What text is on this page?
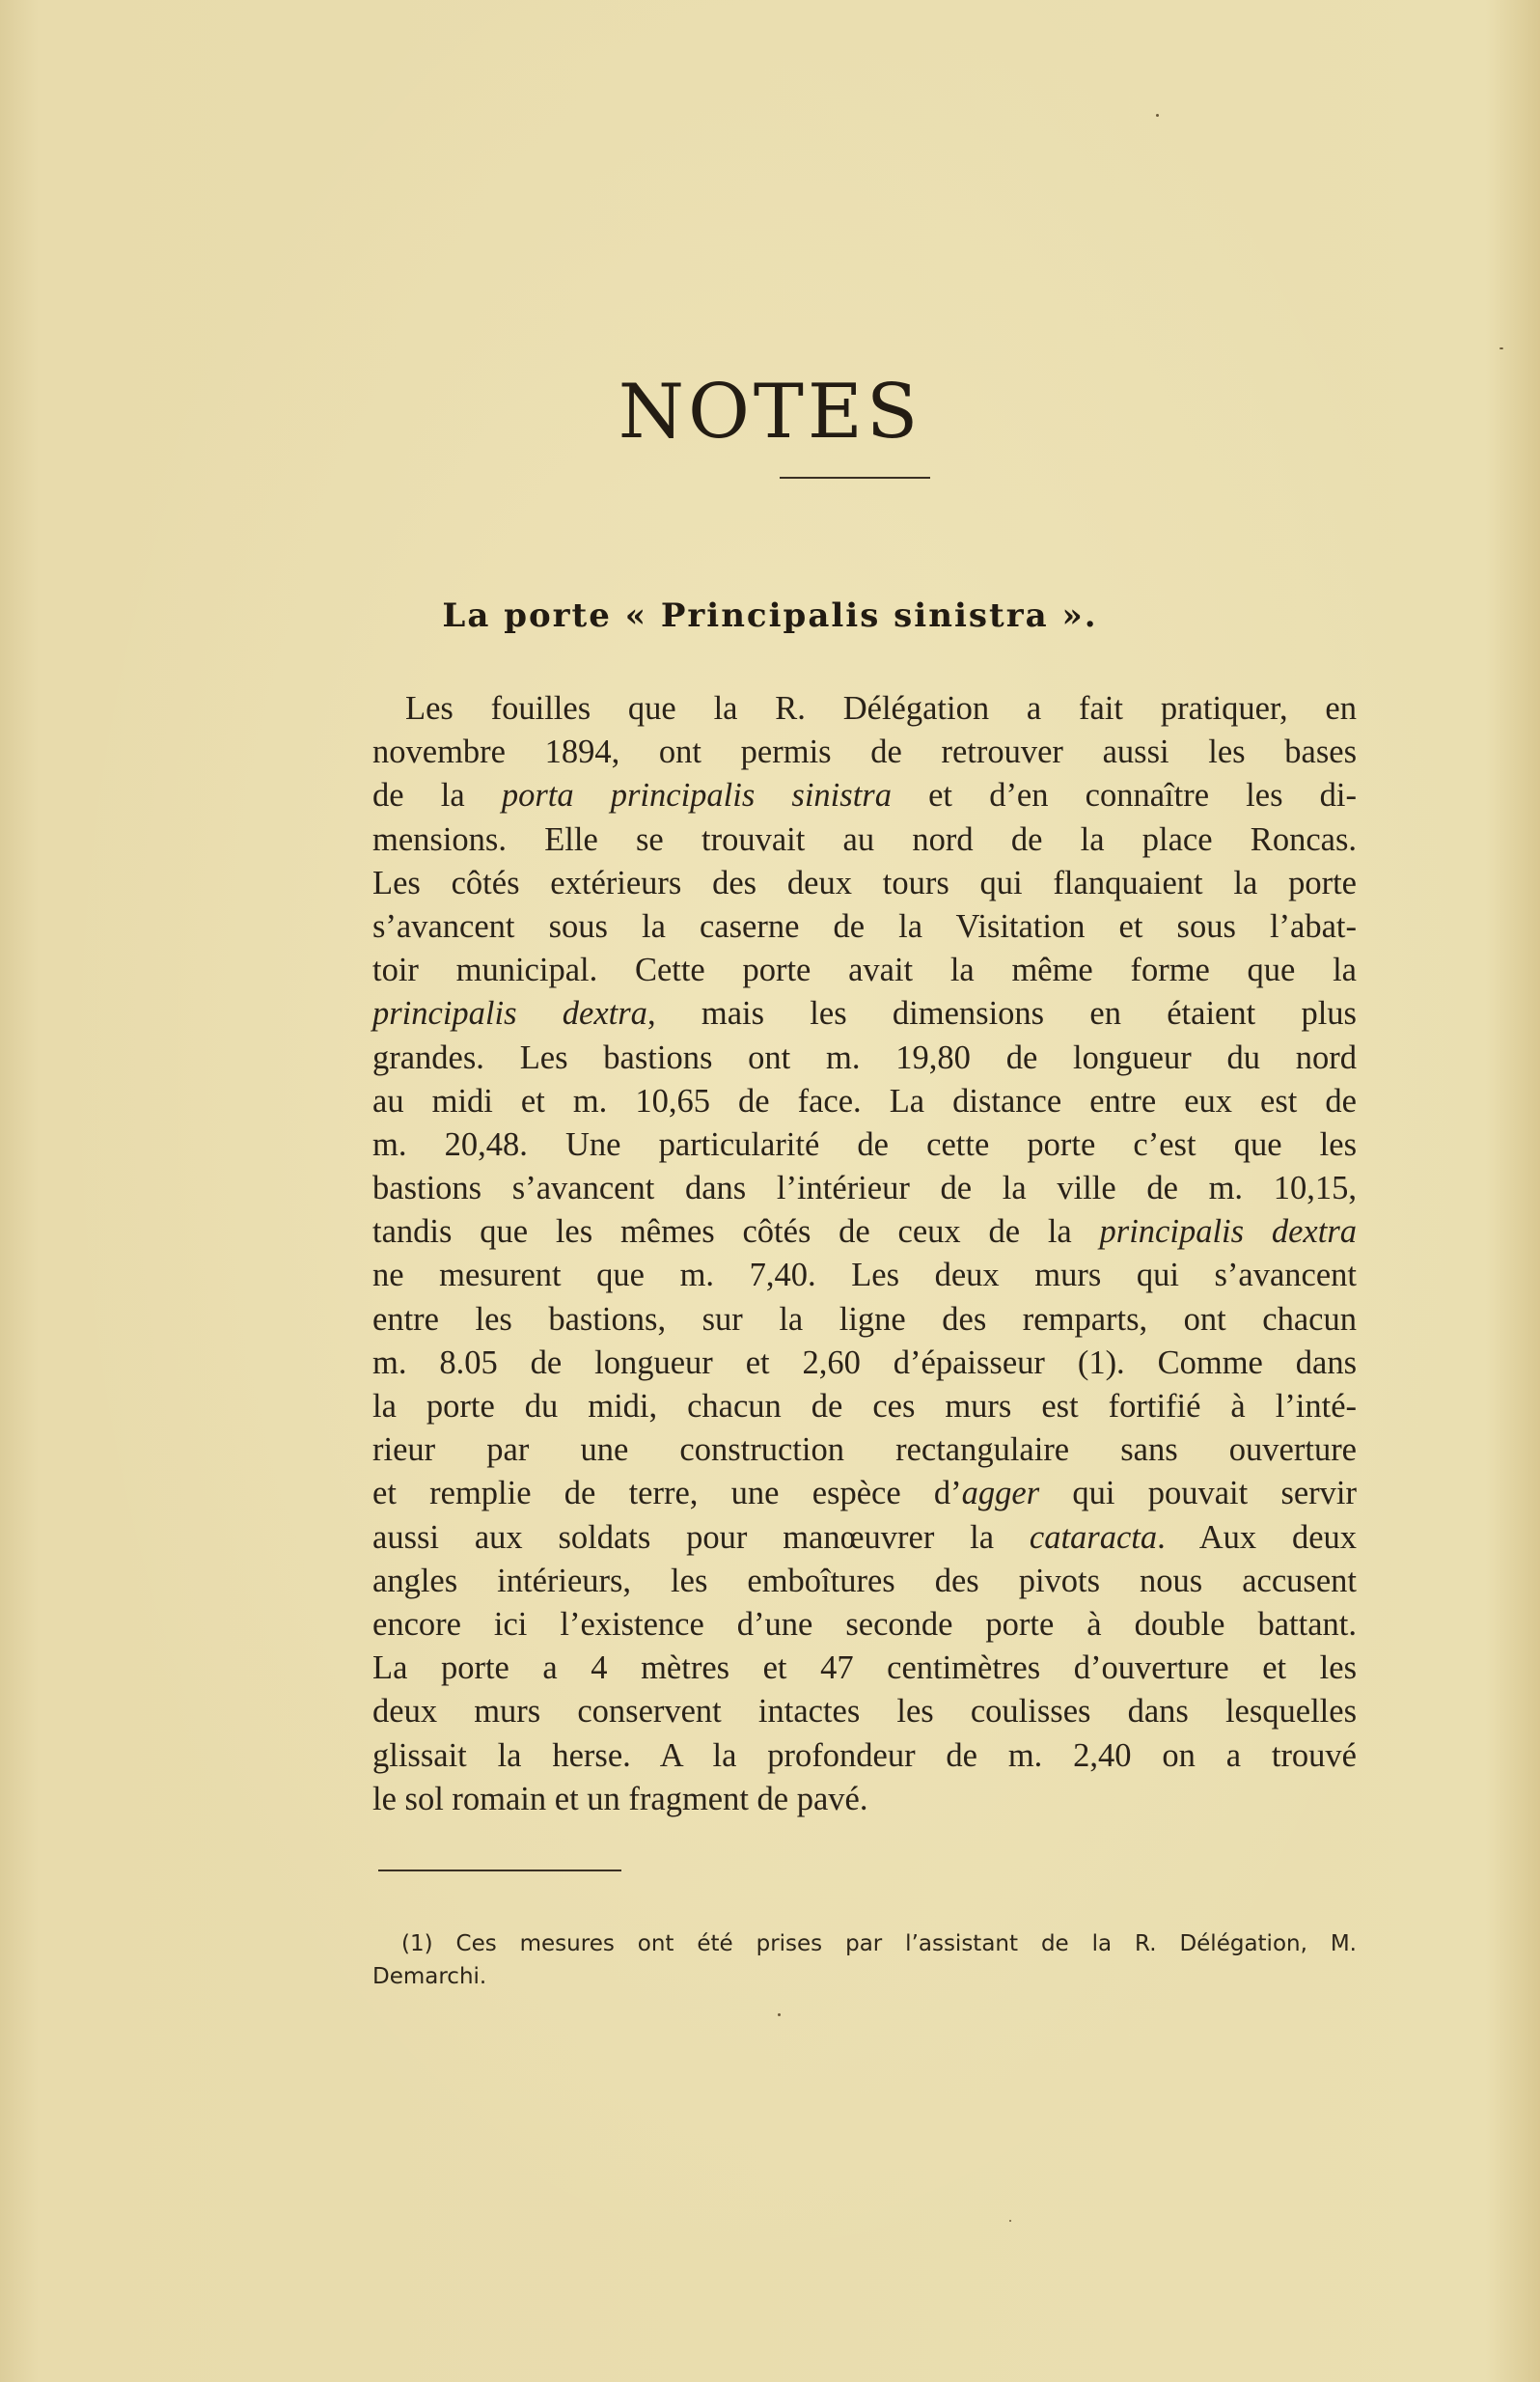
NOTES
La porte « Principalis sinistra ».
Les fouilles que la R. Délégation a fait pratiquer, en
novembre 1894, ont permis de retrouver aussi les bases
de la porta principalis sinistra et d’en connaître les di-
mensions. Elle se trouvait au nord de la place Roncas.
Les côtés extérieurs des deux tours qui flanquaient la porte
s’avancent sous la caserne de la Visitation et sous l’abat-
toir municipal. Cette porte avait la même forme que la
principalis dextra, mais les dimensions en étaient plus
grandes. Les bastions ont m. 19,80 de longueur du nord
au midi et m. 10,65 de face. La distance entre eux est de
m. 20,48. Une particularité de cette porte c’est que les
bastions s’avancent dans l’intérieur de la ville de m. 10,15,
tandis que les mêmes côtés de ceux de la principalis dextra
ne mesurent que m. 7,40. Les deux murs qui s’avancent
entre les bastions, sur la ligne des remparts, ont chacun
m. 8.05 de longueur et 2,60 d’épaisseur (1). Comme dans
la porte du midi, chacun de ces murs est fortifié à l’inté-
rieur par une construction rectangulaire sans ouverture
et remplie de terre, une espèce d’agger qui pouvait servir
aussi aux soldats pour manœuvrer la cataracta. Aux deux
angles intérieurs, les emboîtures des pivots nous accusent
encore ici l’existence d’une seconde porte à double battant.
La porte a 4 mètres et 47 centimètres d’ouverture et les
deux murs conservent intactes les coulisses dans lesquelles
glissait la herse. A la profondeur de m. 2,40 on a trouvé
le sol romain et un fragment de pavé.
(1) Ces mesures ont été prises par l’assistant de la R. Délégation, M.
Demarchi.
